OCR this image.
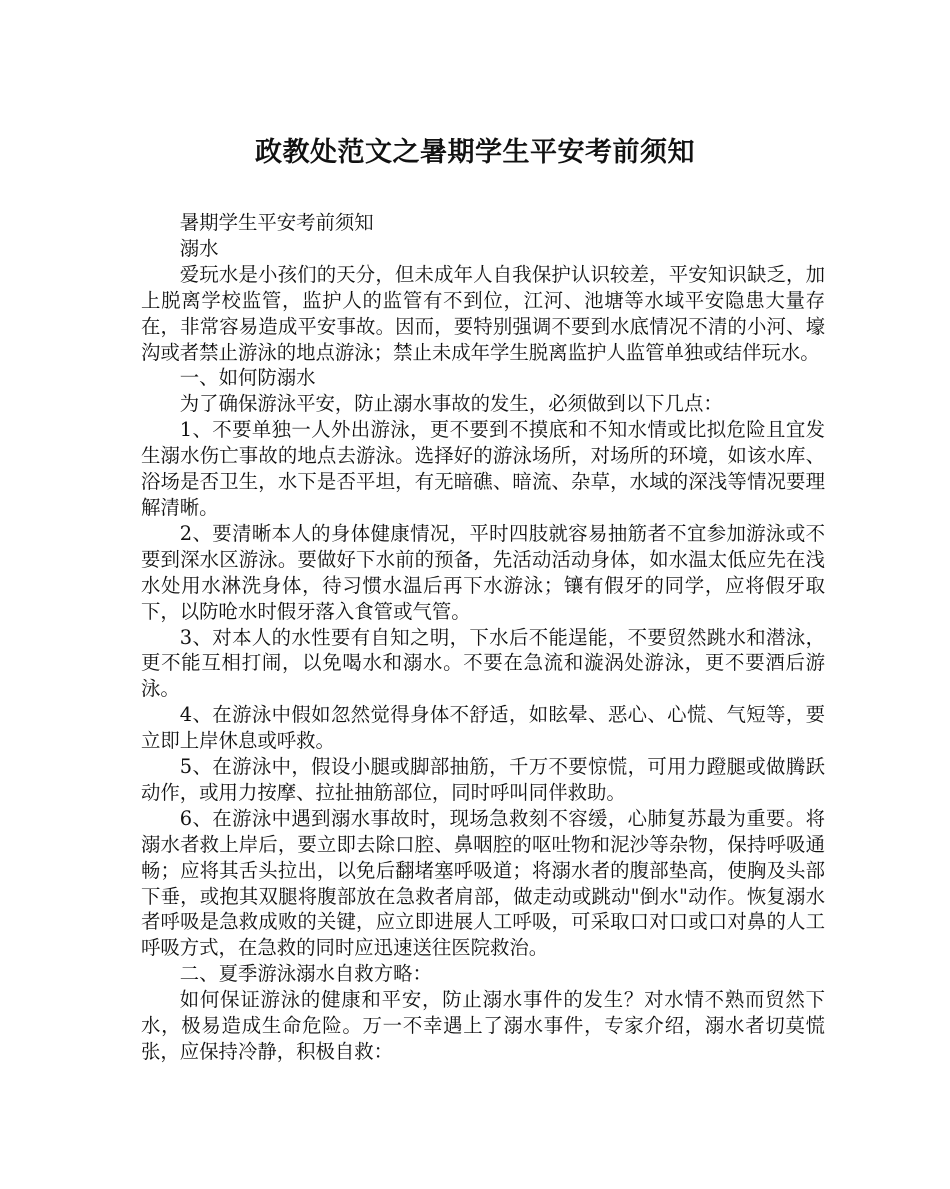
政教处范文之暑期学生平安考前须知

暑期学生平安考前须知

溺水

爱玩水是小孩们的天分，但未成年人自我保护认识较差，平安知识缺乏，加上脱离学校监管，监护人的监管有不到位，江河、池塘等水域平安隐患大量存在，非常容易造成平安事故。因而，要特别强调不要到水底情况不清的小河、壕沟或者禁止游泳的地点游泳；禁止未成年学生脱离监护人监管单独或结伴玩水。

一、如何防溺水

为了确保游泳平安，防止溺水事故的发生，必须做到以下几点：

1、不要单独一人外出游泳，更不要到不摸底和不知水情或比拟危险且宜发生溺水伤亡事故的地点去游泳。选择好的游泳场所，对场所的环境，如该水库、浴场是否卫生，水下是否平坦，有无暗礁、暗流、杂草，水域的深浅等情况要理解清晰。

2、要清晰本人的身体健康情况，平时四肢就容易抽筋者不宜参加游泳或不要到深水区游泳。要做好下水前的预备，先活动活动身体，如水温太低应先在浅水处用水淋洗身体，待习惯水温后再下水游泳；镶有假牙的同学，应将假牙取下，以防呛水时假牙落入食管或气管。

3、对本人的水性要有自知之明，下水后不能逞能，不要贸然跳水和潜泳，更不能互相打闹，以免喝水和溺水。不要在急流和漩涡处游泳，更不要酒后游泳。

4、在游泳中假如忽然觉得身体不舒适，如眩晕、恶心、心慌、气短等，要立即上岸休息或呼救。

5、在游泳中，假设小腿或脚部抽筋，千万不要惊慌，可用力蹬腿或做腾跃动作，或用力按摩、拉扯抽筋部位，同时呼叫同伴救助。

6、在游泳中遇到溺水事故时，现场急救刻不容缓，心肺复苏最为重要。将溺水者救上岸后，要立即去除口腔、鼻咽腔的呕吐物和泥沙等杂物，保持呼吸通畅；应将其舌头拉出，以免后翻堵塞呼吸道；将溺水者的腹部垫高，使胸及头部下垂，或抱其双腿将腹部放在急救者肩部，做走动或跳动"倒水"动作。恢复溺水者呼吸是急救成败的关键，应立即进展人工呼吸，可采取口对口或口对鼻的人工呼吸方式，在急救的同时应迅速送往医院救治。

二、夏季游泳溺水自救方略：

如何保证游泳的健康和平安，防止溺水事件的发生？对水情不熟而贸然下水，极易造成生命危险。万一不幸遇上了溺水事件，专家介绍，溺水者切莫慌张，应保持冷静，积极自救：
